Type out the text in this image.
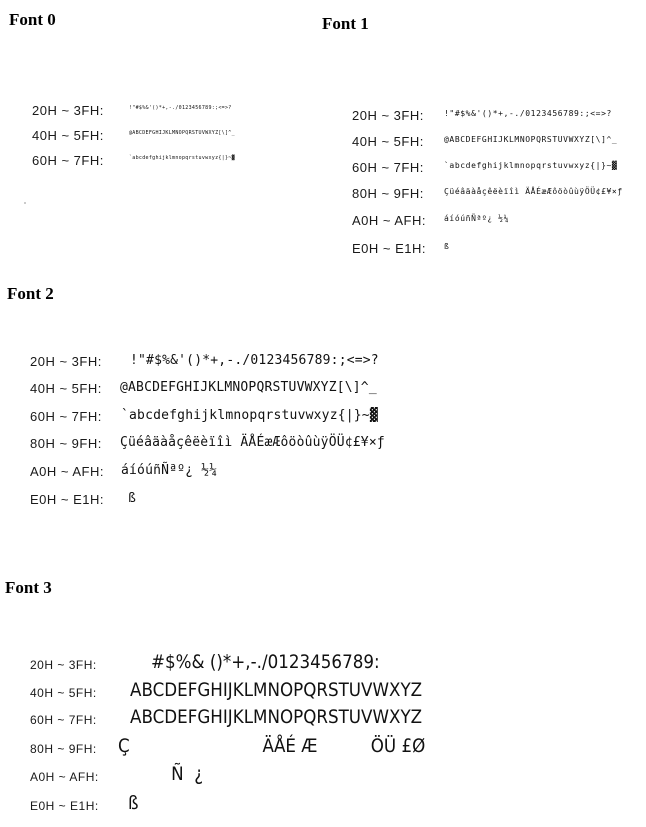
Font 0
20H ~ 3FH:	!"#$%&'()*+,-./0123456789:;<=>?
40H ~ 5FH:	@ABCDEFGHIJKLMNOPQRSTUVWXYZ[\]^_
60H ~ 7FH:	`abcdefghijklmnopqrstuvwxyz{|}~▓
Font 1
20H ~ 3FH:	!"#$%&'()*+,-./0123456789:;<=>?
40H ~ 5FH:	@ABCDEFGHIJKLMNOPQRSTUVWXYZ[\]^_
60H ~ 7FH:	`abcdefghijklmnopqrstuvwxyz{|}~▓
80H ~ 9FH:	Çüéâäàåçêëèïîì ÄÅÉæÆôöòûùÿÖÜ¢£¥×ƒ
A0H ~ AFH: áíóúñÑªº¿ ½¼
E0H ~ E1H: ß
Font 2
20H ~ 3FH: !"#$%&'()*+,-./0123456789:;<=>?
40H ~ 5FH: @ABCDEFGHIJKLMNOPQRSTUVWXYZ[\]^_
60H ~ 7FH: `abcdefghijklmnopqrstuvwxyz{|}~▓
80H ~ 9FH: Çüéâäàåçêëèïîì ÄÅÉæÆôöòûùÿÖÜ¢£¥×ƒ
A0H ~ AFH: áíóúñÑªº¿ ½¼
E0H ~ E1H: ß
Font 3
20H ~ 3FH:	#$%& ()*+,-./0123456789:
40H ~ 5FH: ABCDEFGHIJKLMNOPQRSTUVWXYZ
60H ~ 7FH: ABCDEFGHIJKLMNOPQRSTUVWXYZ
80H ~ 9FH: Ç                         ÄÅÉ Æ          ÖÜ £Ø
A0H ~ AFH: Ñ  ¿
E0H ~ E1H: ß
